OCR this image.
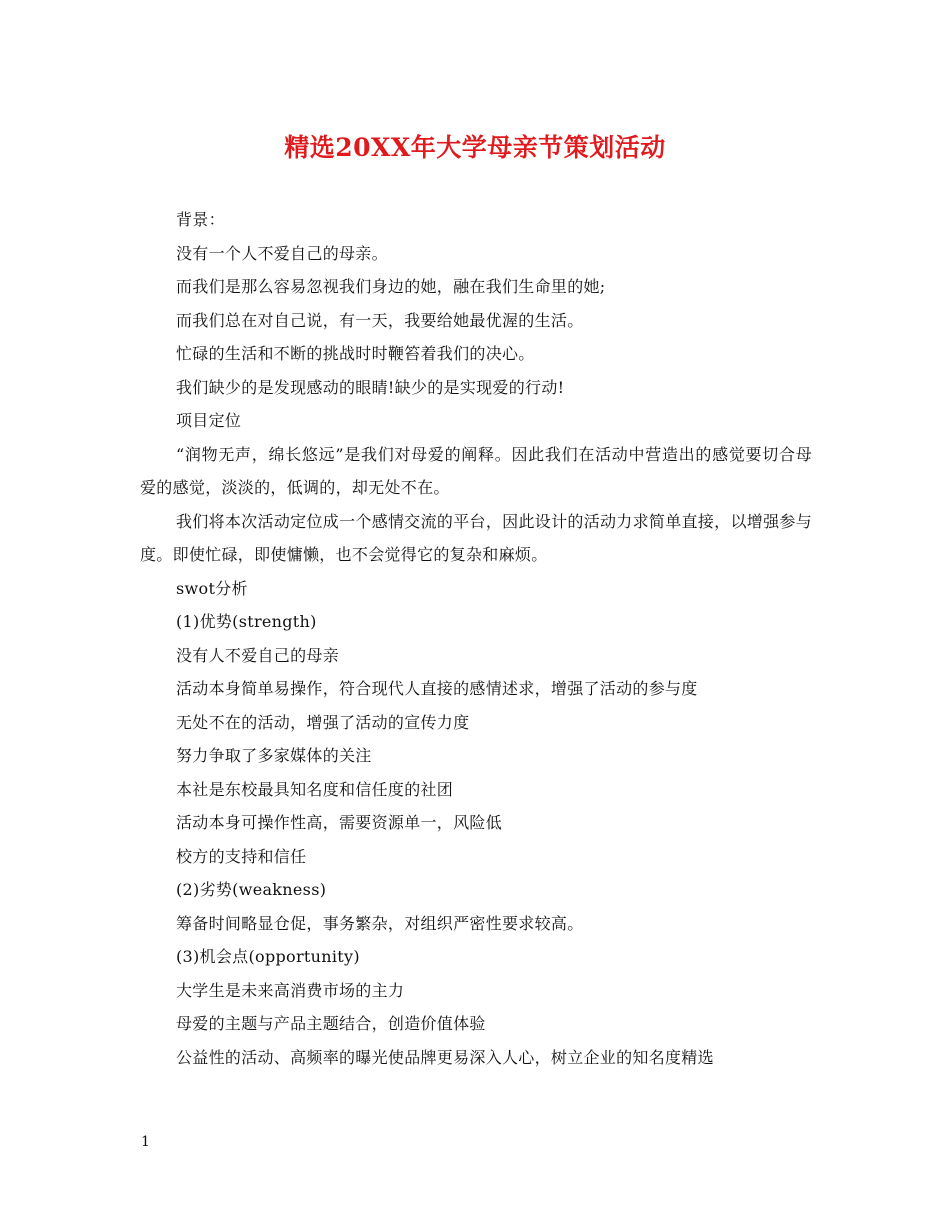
精选20XX年大学母亲节策划活动

背景：

没有一个人不爱自己的母亲。

而我们是那么容易忽视我们身边的她，融在我们生命里的她;

而我们总在对自己说，有一天，我要给她最优渥的生活。

忙碌的生活和不断的挑战时时鞭笞着我们的决心。

我们缺少的是发现感动的眼睛!缺少的是实现爱的行动!

项目定位

“润物无声，绵长悠远”是我们对母爱的阐释。因此我们在活动中营造出的感觉要切合母爱的感觉，淡淡的，低调的，却无处不在。

我们将本次活动定位成一个感情交流的平台，因此设计的活动力求简单直接，以增强参与度。即使忙碌，即使慵懒，也不会觉得它的复杂和麻烦。

swot分析

(1)优势(strength)

没有人不爱自己的母亲

活动本身简单易操作，符合现代人直接的感情述求，增强了活动的参与度

无处不在的活动，增强了活动的宣传力度

努力争取了多家媒体的关注

本社是东校最具知名度和信任度的社团

活动本身可操作性高，需要资源单一，风险低

校方的支持和信任

(2)劣势(weakness)

筹备时间略显仓促，事务繁杂，对组织严密性要求较高。

(3)机会点(opportunity)

大学生是未来高消费市场的主力

母爱的主题与产品主题结合，创造价值体验

公益性的活动、高频率的曝光使品牌更易深入人心，树立企业的知名度精选

1
